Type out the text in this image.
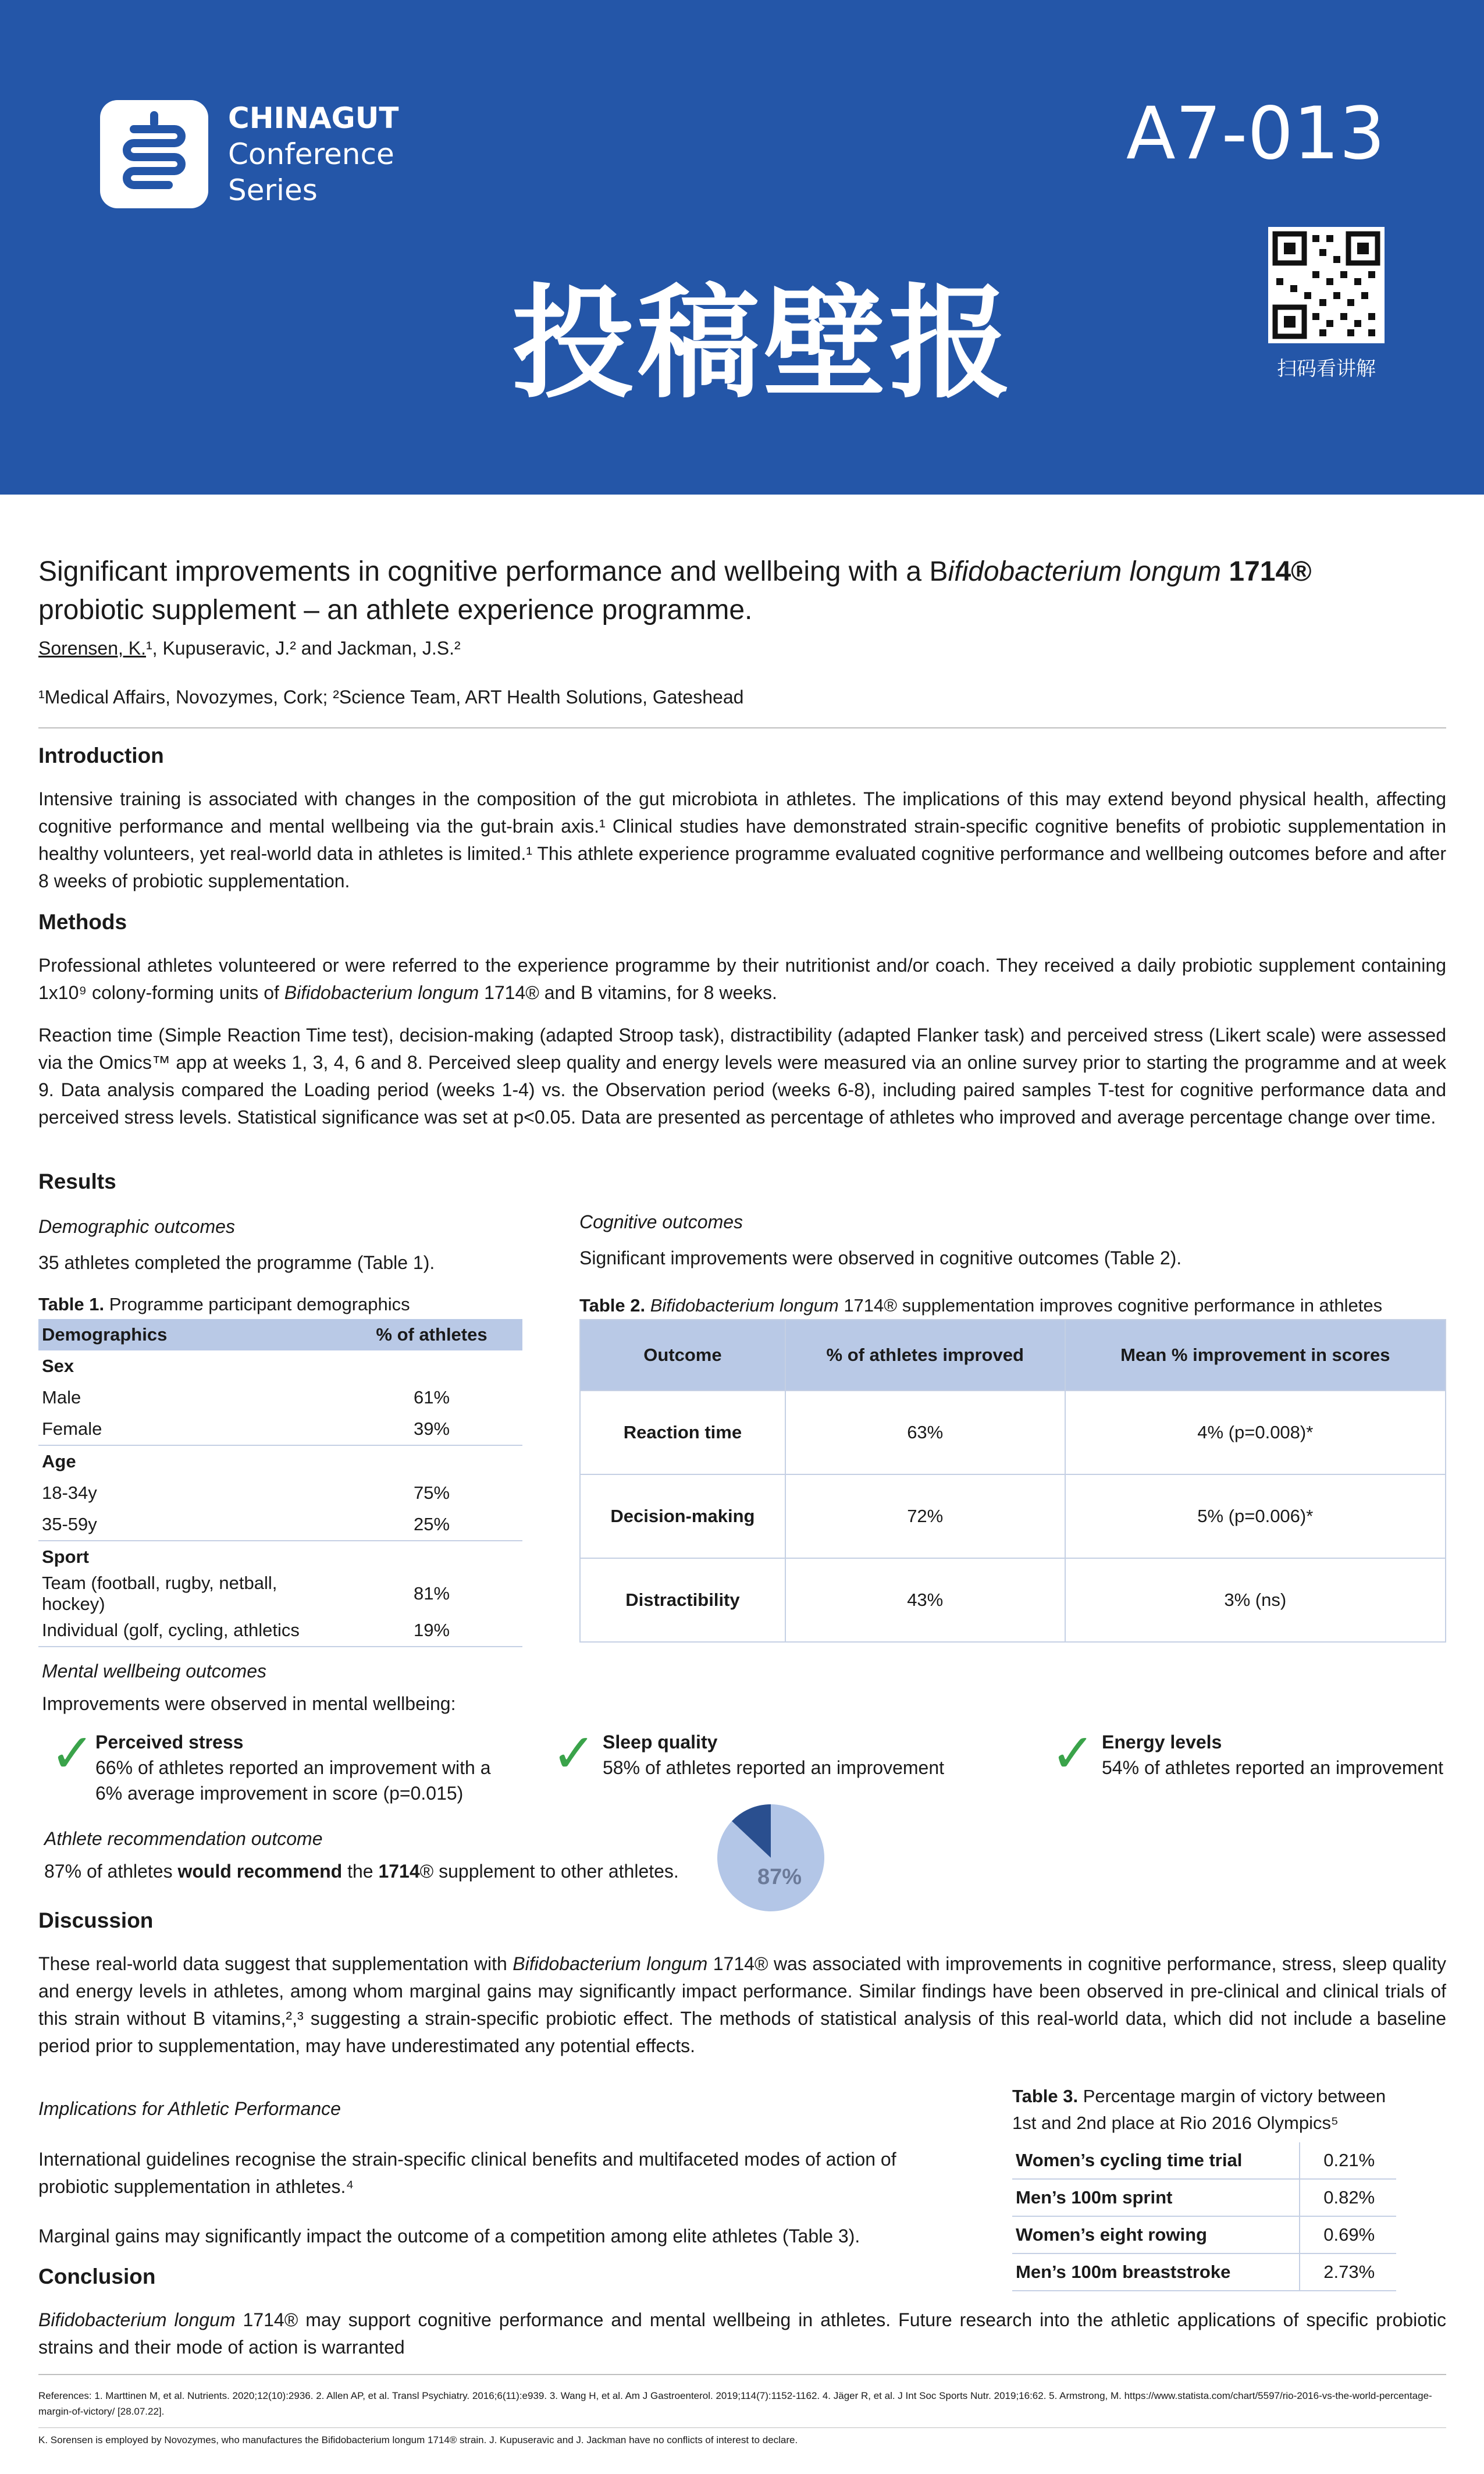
CHINAGUT
Conference
Series
A7-013
投稿壁报	扫码看讲解
Significant improvements in cognitive performance and wellbeing with a Bifidobacterium longum 1714®
probiotic supplement – an athlete experience programme.
Sorensen, K.¹, Kupuseravic, J.² and Jackman, J.S.²
¹Medical Affairs, Novozymes, Cork; ²Science Team, ART Health Solutions, Gateshead
Introduction
Intensive training is associated with changes in the composition of the gut microbiota in athletes. The implications of this may extend beyond physical health, affecting cognitive performance and mental wellbeing via the gut-brain axis.¹ Clinical studies have demonstrated strain-specific cognitive benefits of probiotic supplementation in healthy volunteers, yet real-world data in athletes is limited.¹ This athlete experience programme evaluated cognitive performance and wellbeing outcomes before and after 8 weeks of probiotic supplementation.
Methods
Professional athletes volunteered or were referred to the experience programme by their nutritionist and/or coach. They received a daily probiotic supplement containing 1x10⁹ colony-forming units of Bifidobacterium longum 1714® and B vitamins, for 8 weeks.
Reaction time (Simple Reaction Time test), decision-making (adapted Stroop task), distractibility (adapted Flanker task) and perceived stress (Likert scale) were assessed via the Omics™ app at weeks 1, 3, 4, 6 and 8. Perceived sleep quality and energy levels were measured via an online survey prior to starting the programme and at week 9. Data analysis compared the Loading period (weeks 1-4) vs. the Observation period (weeks 6-8), including paired samples T-test for cognitive performance data and perceived stress levels. Statistical significance was set at p<0.05. Data are presented as percentage of athletes who improved and average percentage change over time.
Results
Demographic outcomes
35 athletes completed the programme (Table 1).
Table 1. Programme participant demographics
Demographics	% of athletes
Sex	
Male	61%
Female	39%
Age	
18-34y	75%
35-59y	25%
Sport	
Team (football, rugby, netball, hockey)	81%
Individual (golf, cycling, athletics	19%
Cognitive outcomes
Significant improvements were observed in cognitive outcomes (Table 2).
Table 2. Bifidobacterium longum 1714® supplementation improves cognitive performance in athletes
Outcome	% of athletes improved	Mean % improvement in scores
Reaction time	63%	4% (p=0.008)*
Decision-making	72%	5% (p=0.006)*
Distractibility	43%	3% (ns)
Mental wellbeing outcomes
Improvements were observed in mental wellbeing:
✓ Perceived stress
66% of athletes reported an improvement with a
6% average improvement in score (p=0.015)
✓ Sleep quality
58% of athletes reported an improvement ✓ Energy levels
54% of athletes reported an improvement
Athlete recommendation outcome
87% of athletes would recommend the 1714® supplement to other athletes.	87%
Discussion
These real-world data suggest that supplementation with Bifidobacterium longum 1714® was associated with improvements in cognitive performance, stress, sleep quality and energy levels in athletes, among whom marginal gains may significantly impact performance. Similar findings have been observed in pre-clinical and clinical trials of this strain without B vitamins,²,³ suggesting a strain-specific probiotic effect. The methods of statistical analysis of this real-world data, which did not include a baseline period prior to supplementation, may have underestimated any potential effects.
Implications for Athletic Performance
International guidelines recognise the strain-specific clinical benefits and multifaceted modes of action of probiotic supplementation in athletes.⁴
Marginal gains may significantly impact the outcome of a competition among elite athletes (Table 3).
Table 3. Percentage margin of victory between
1st and 2nd place at Rio 2016 Olympics⁵
Women’s cycling time trial	0.21%
Men’s 100m sprint	0.82%
Women’s eight rowing	0.69%
Men’s 100m breaststroke	2.73%
Conclusion
Bifidobacterium longum 1714® may support cognitive performance and mental wellbeing in athletes. Future research into the athletic applications of specific probiotic strains and their mode of action is warranted
References: 1. Marttinen M, et al. Nutrients. 2020;12(10):2936. 2. Allen AP, et al. Transl Psychiatry. 2016;6(11):e939. 3. Wang H, et al. Am J Gastroenterol. 2019;114(7):1152-1162. 4. Jäger R, et al. J Int Soc Sports Nutr. 2019;16:62. 5. Armstrong, M. https://www.statista.com/chart/5597/rio-2016-vs-the-world-percentage-margin-of-victory/ [28.07.22].
K. Sorensen is employed by Novozymes, who manufactures the Bifidobacterium longum 1714® strain. J. Kupuseravic and J. Jackman have no conflicts of interest to declare.
